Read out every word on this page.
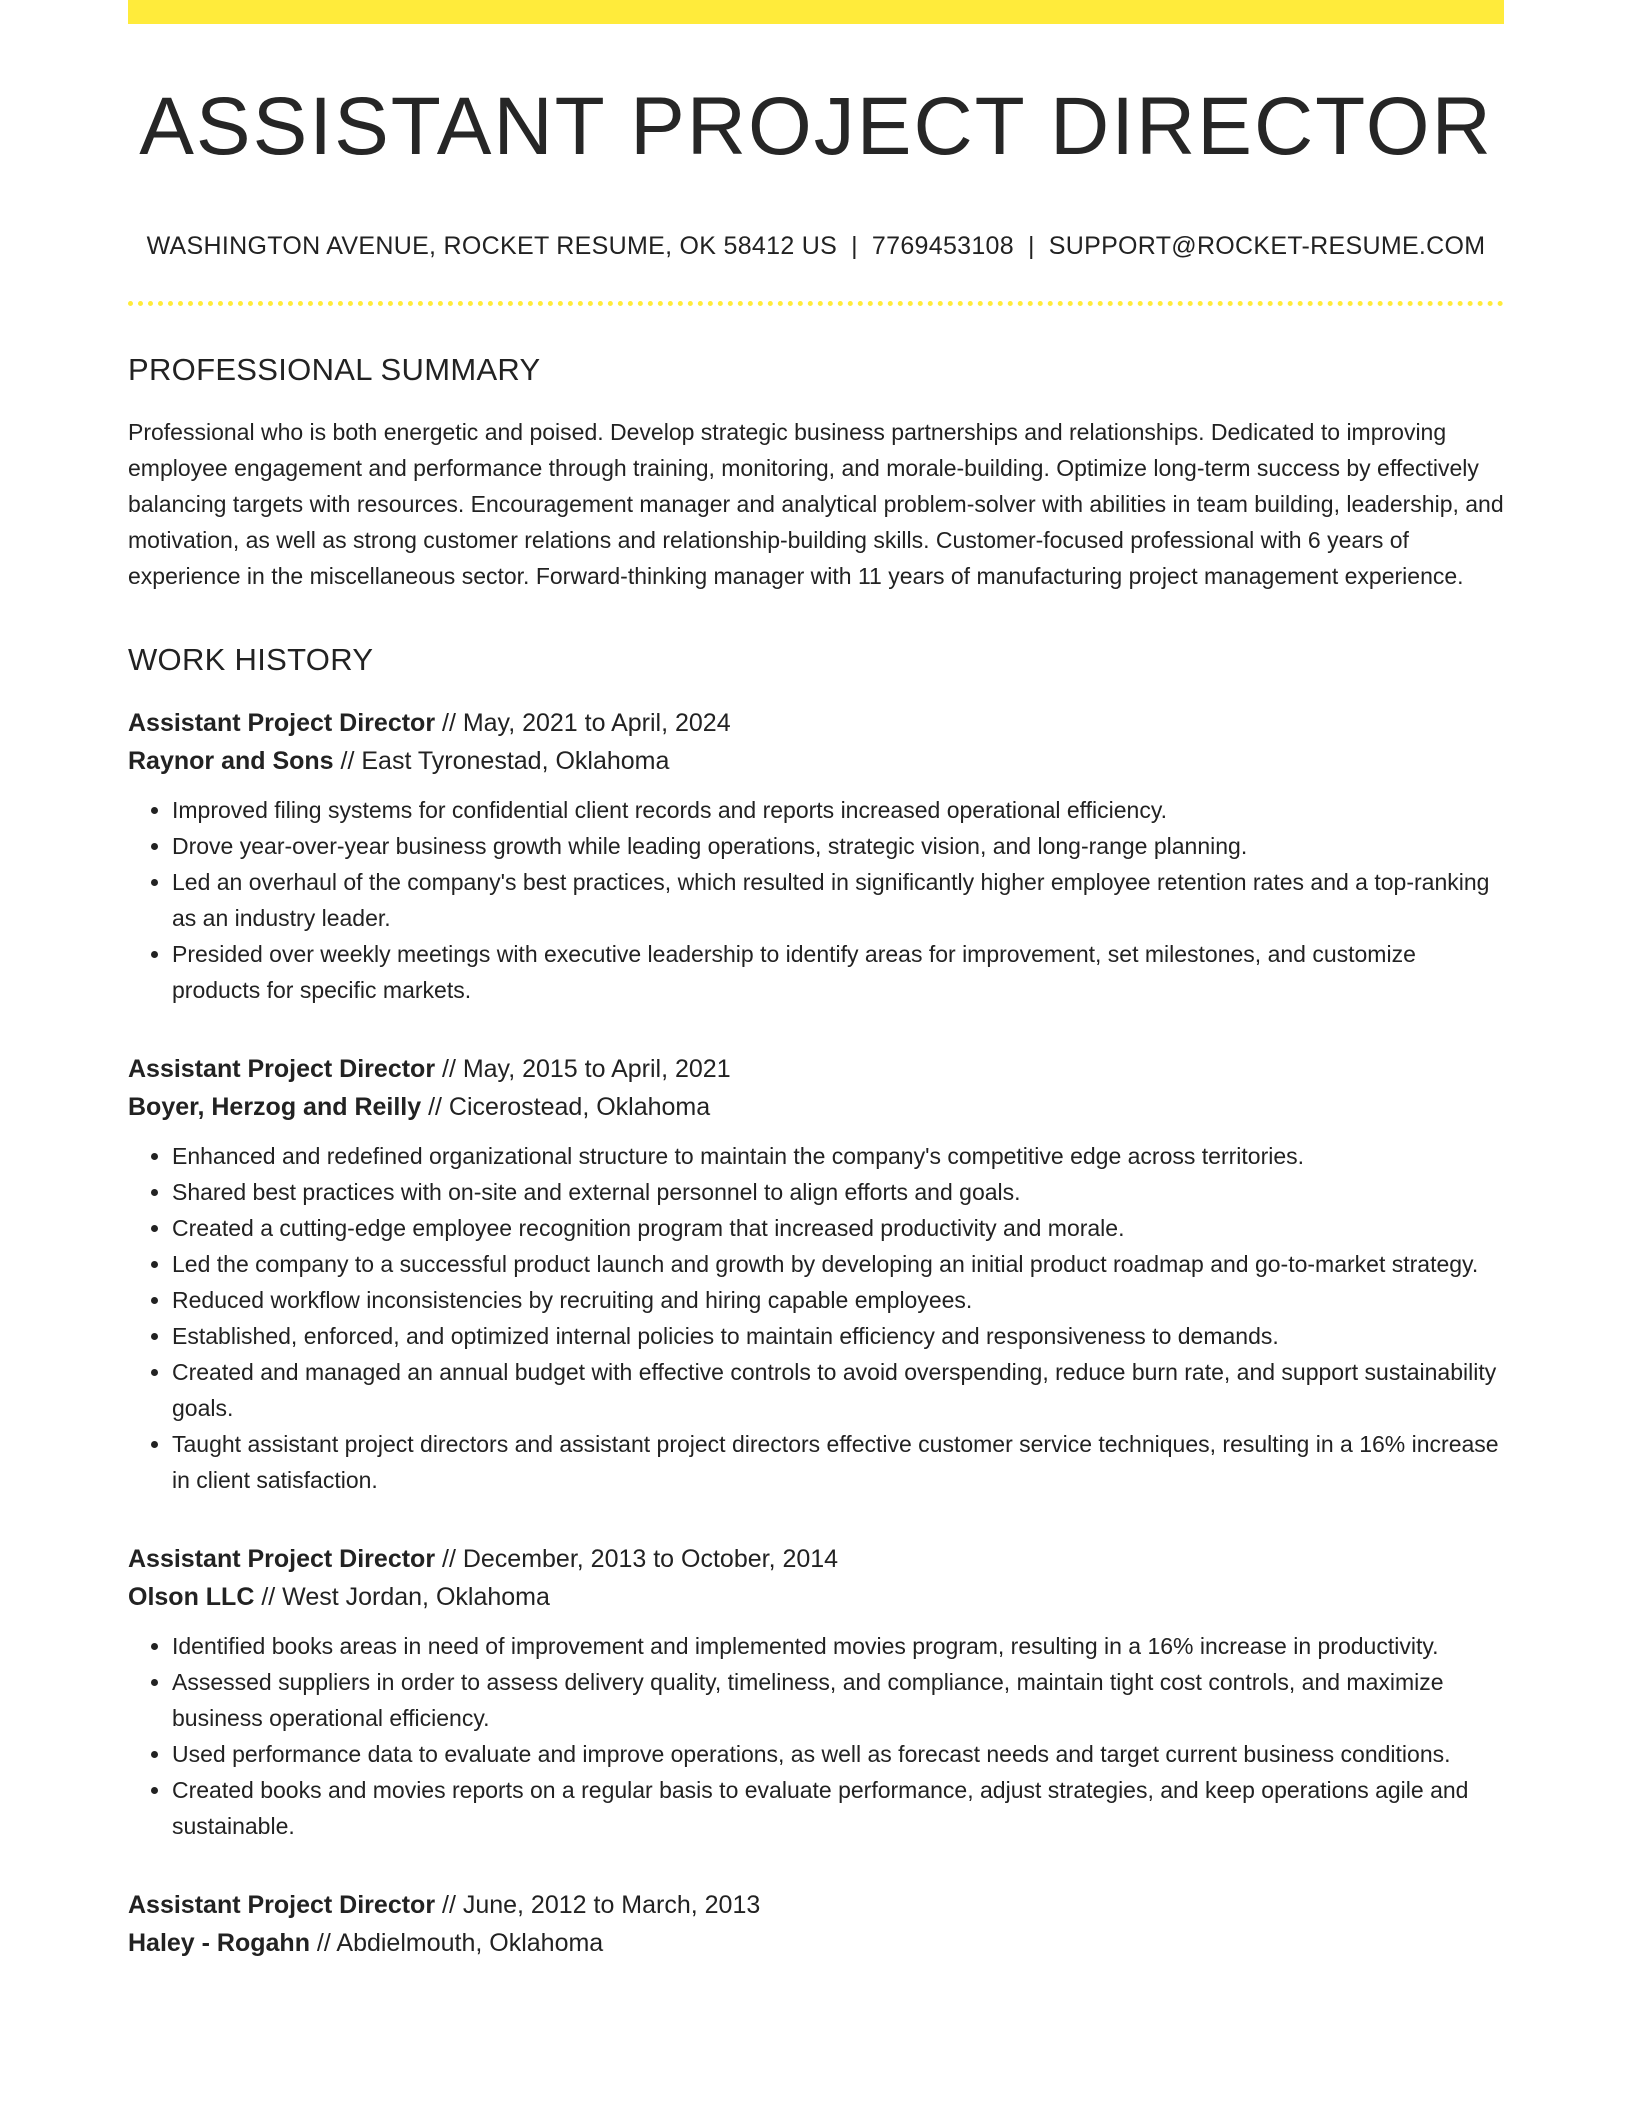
ASSISTANT PROJECT DIRECTOR
WASHINGTON AVENUE, ROCKET RESUME, OK 58412 US | 7769453108 | SUPPORT@ROCKET-RESUME.COM
PROFESSIONAL SUMMARY

Professional who is both energetic and poised. Develop strategic business partnerships and relationships. Dedicated to improving employee engagement and performance through training, monitoring, and morale-building. Optimize long-term success by effectively balancing targets with resources. Encouragement manager and analytical problem-solver with abilities in team building, leadership, and motivation, as well as strong customer relations and relationship-building skills. Customer-focused professional with 6 years of experience in the miscellaneous sector. Forward-thinking manager with 11 years of manufacturing project management experience.

WORK HISTORY
Assistant Project Director // May, 2021 to April, 2024
Raynor and Sons // East Tyronestad, Oklahoma
• Improved filing systems for confidential client records and reports increased operational efficiency.
• Drove year-over-year business growth while leading operations, strategic vision, and long-range planning.
• Led an overhaul of the company's best practices, which resulted in significantly higher employee retention rates and a top-ranking as an industry leader.
• Presided over weekly meetings with executive leadership to identify areas for improvement, set milestones, and customize products for specific markets.
Assistant Project Director // May, 2015 to April, 2021
Boyer, Herzog and Reilly // Cicerostead, Oklahoma
• Enhanced and redefined organizational structure to maintain the company's competitive edge across territories.
• Shared best practices with on-site and external personnel to align efforts and goals.
• Created a cutting-edge employee recognition program that increased productivity and morale.
• Led the company to a successful product launch and growth by developing an initial product roadmap and go-to-market strategy.
• Reduced workflow inconsistencies by recruiting and hiring capable employees.
• Established, enforced, and optimized internal policies to maintain efficiency and responsiveness to demands.
• Created and managed an annual budget with effective controls to avoid overspending, reduce burn rate, and support sustainability goals.
• Taught assistant project directors and assistant project directors effective customer service techniques, resulting in a 16% increase in client satisfaction.
Assistant Project Director // December, 2013 to October, 2014
Olson LLC // West Jordan, Oklahoma
• Identified books areas in need of improvement and implemented movies program, resulting in a 16% increase in productivity.
• Assessed suppliers in order to assess delivery quality, timeliness, and compliance, maintain tight cost controls, and maximize business operational efficiency.
• Used performance data to evaluate and improve operations, as well as forecast needs and target current business conditions.
• Created books and movies reports on a regular basis to evaluate performance, adjust strategies, and keep operations agile and sustainable.
Assistant Project Director // June, 2012 to March, 2013
Haley - Rogahn // Abdielmouth, Oklahoma
